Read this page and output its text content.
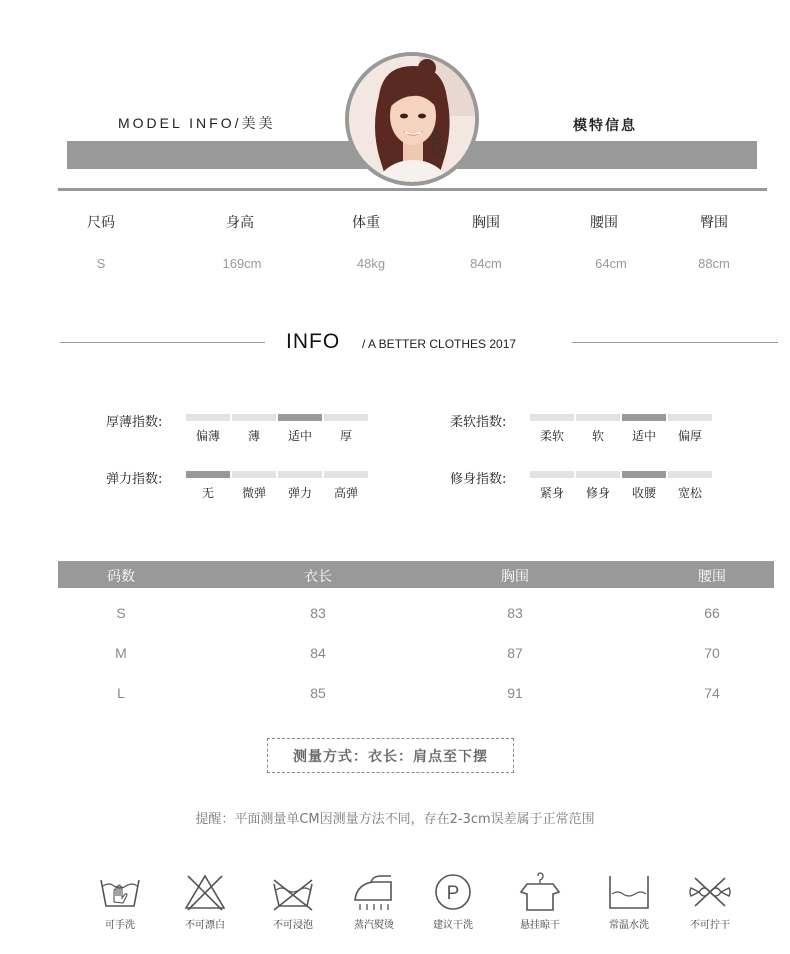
MODEL INFO/美美	模特信息
尺码	身高	体重	胸围	腰围	臀围
S	169cm	48kg	84cm	64cm	88cm
INFO / A BETTER CLOTHES 2017
厚薄指数:
偏薄	薄	适中	厚
柔软指数:
柔软	软	适中	偏厚
弹力指数:
无	微弹	弹力	高弹
修身指数:
紧身	修身	收腰	宽松
码数	衣长	胸围	腰围
S	83	83	66
M	84	87	70
L	85	91	74
测量方式：衣长：肩点至下摆
提醒：平面测量单CM因测量方法不同，存在2-3cm误差属于正常范围
可手洗	不可漂白	不可浸泡	蒸汽熨烫
P
建议干洗	悬挂晾干	常温水洗	不可拧干
